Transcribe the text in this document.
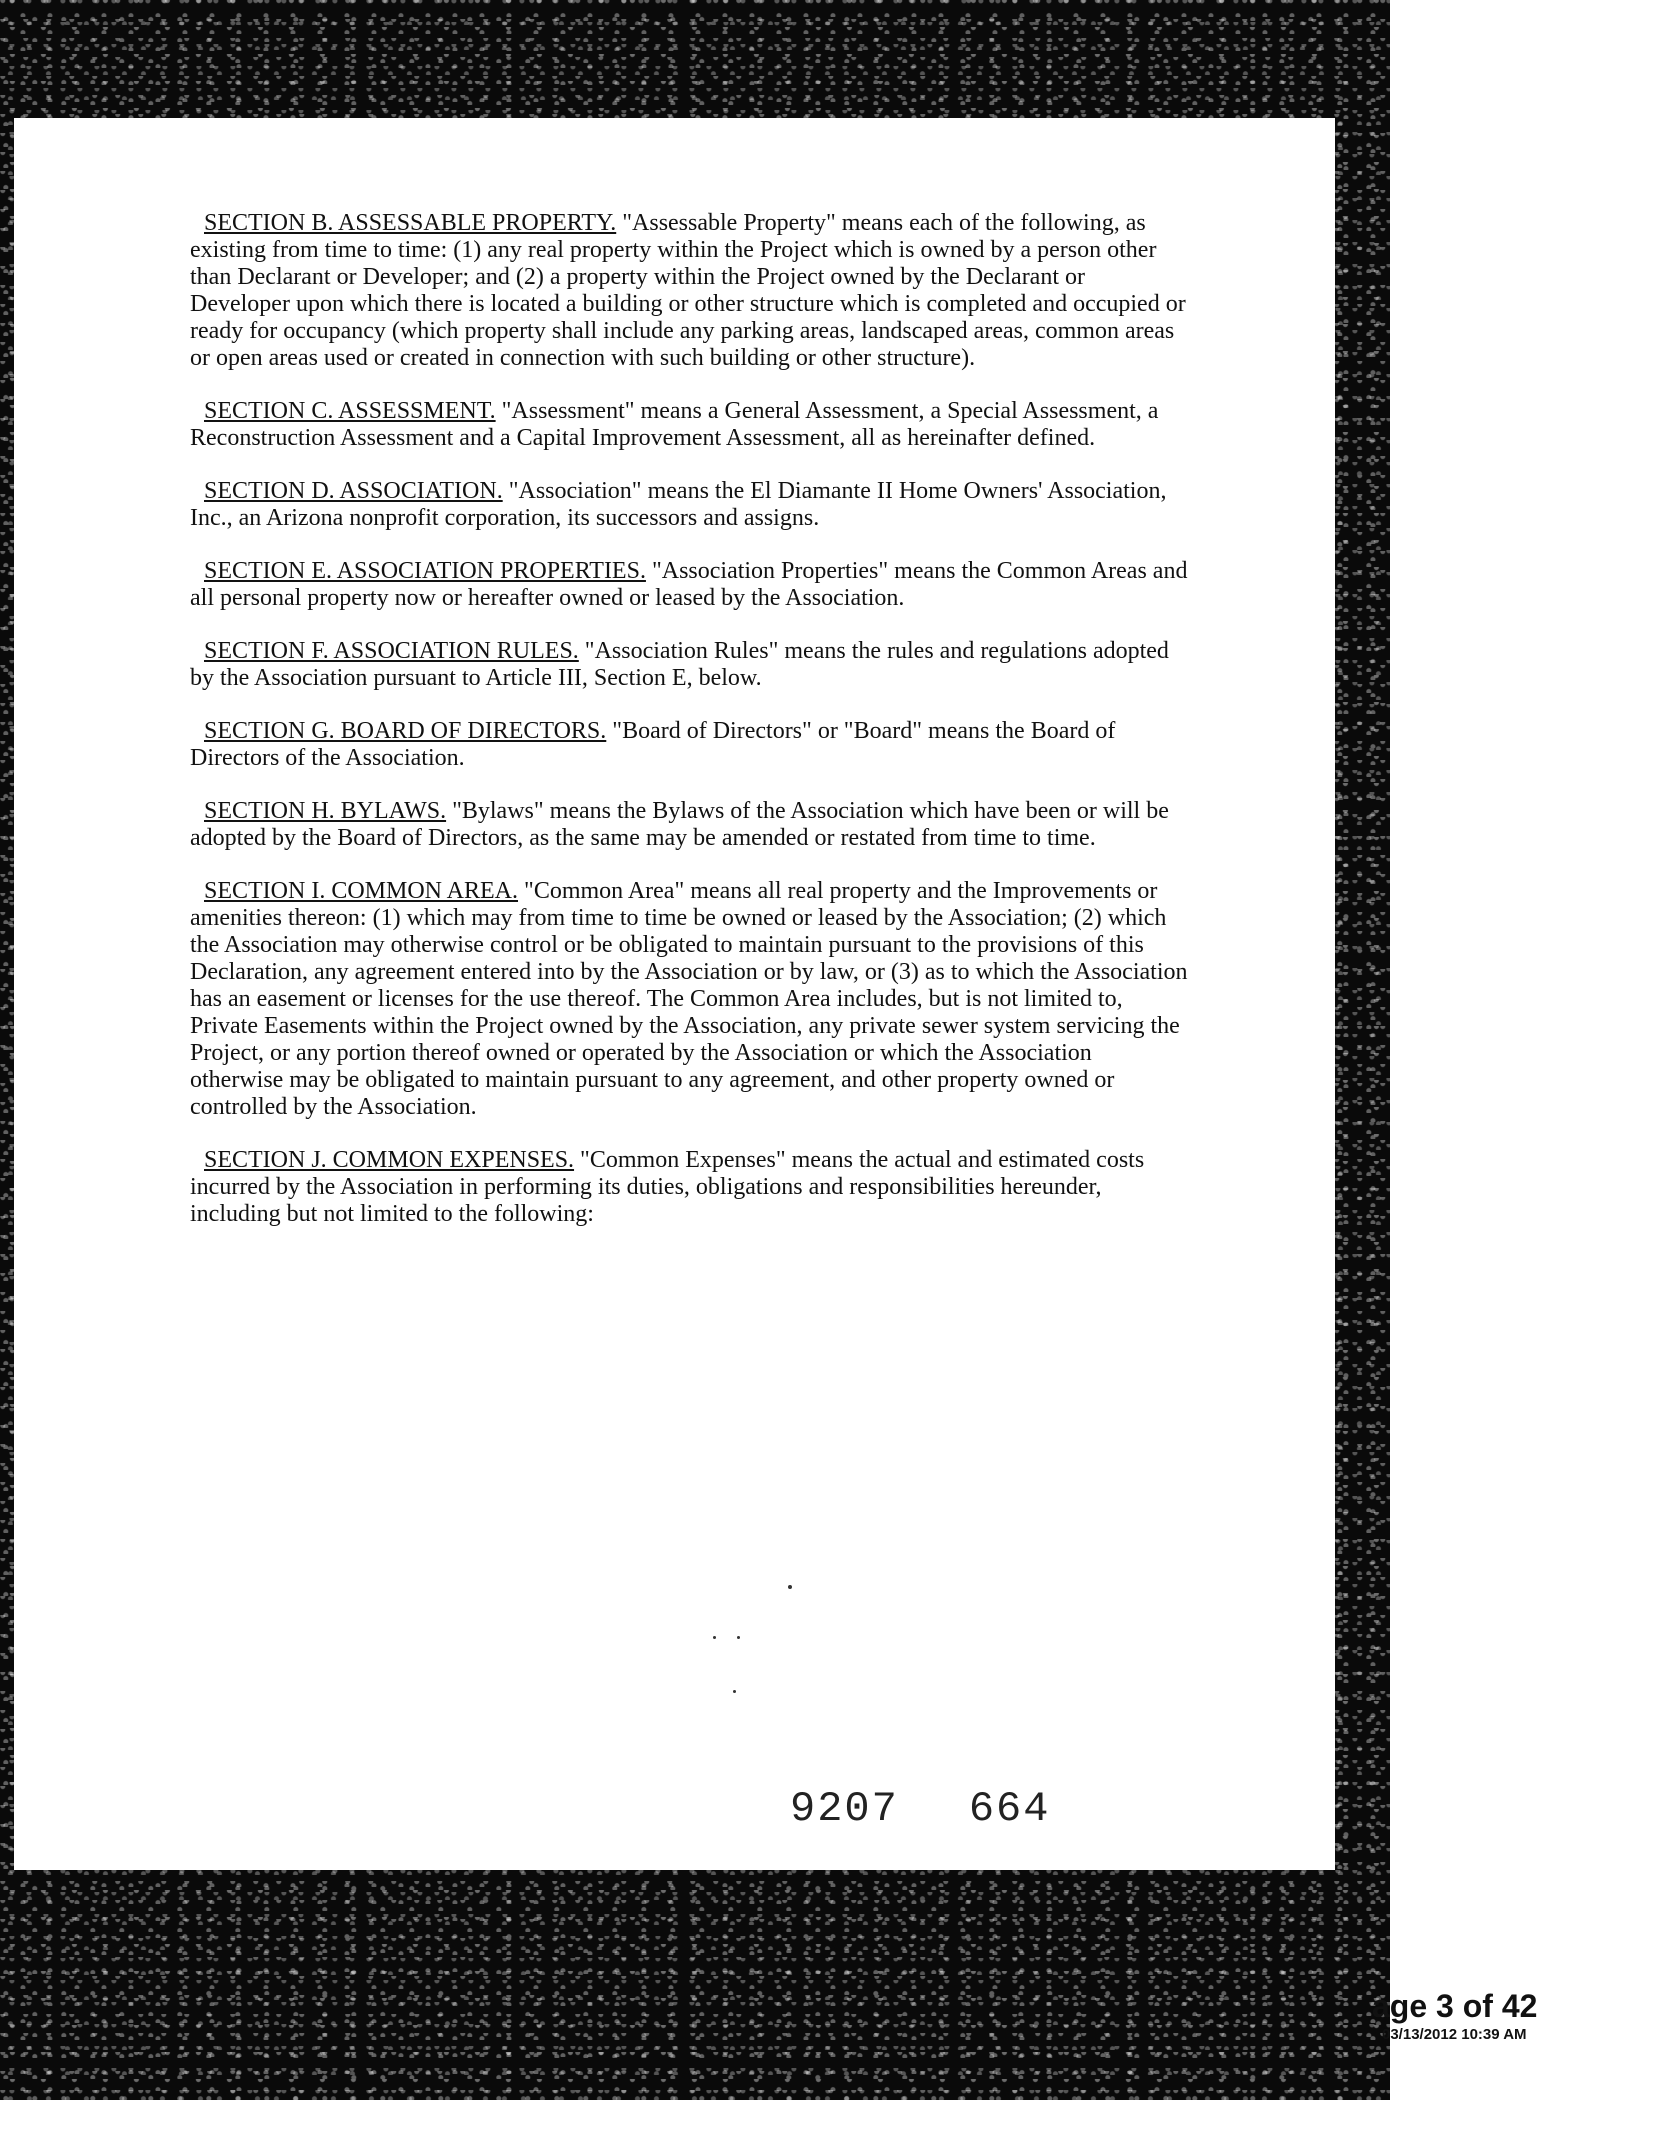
SECTION B. ASSESSABLE PROPERTY. "Assessable Property" means each of the following, as existing from time to time: (1) any real property within the Project which is owned by a person other than Declarant or Developer; and (2) a property within the Project owned by the Declarant or Developer upon which there is located a building or other structure which is completed and occupied or ready for occupancy (which property shall include any parking areas, landscaped areas, common areas or open areas used or created in connection with such building or other structure).

SECTION C. ASSESSMENT. "Assessment" means a General Assessment, a Special Assessment, a Reconstruction Assessment and a Capital Improvement Assessment, all as hereinafter defined.

SECTION D. ASSOCIATION. "Association" means the El Diamante II Home Owners' Association, Inc., an Arizona nonprofit corporation, its successors and assigns.

SECTION E. ASSOCIATION PROPERTIES. "Association Properties" means the Common Areas and all personal property now or hereafter owned or leased by the Association.

SECTION F. ASSOCIATION RULES. "Association Rules" means the rules and regulations adopted by the Association pursuant to Article III, Section E, below.

SECTION G. BOARD OF DIRECTORS. "Board of Directors" or "Board" means the Board of Directors of the Association.

SECTION H. BYLAWS. "Bylaws" means the Bylaws of the Association which have been or will be adopted by the Board of Directors, as the same may be amended or restated from time to time.

SECTION I. COMMON AREA. "Common Area" means all real property and the Improvements or amenities thereon: (1) which may from time to time be owned or leased by the Association; (2) which the Association may otherwise control or be obligated to maintain pursuant to the provisions of this Declaration, any agreement entered into by the Association or by law, or (3) as to which the Association has an easement or licenses for the use thereof. The Common Area includes, but is not limited to, Private Easements within the Project owned by the Association, any private sewer system servicing the Project, or any portion thereof owned or operated by the Association or which the Association otherwise may be obligated to maintain pursuant to any agreement, and other property owned or controlled by the Association.

SECTION J. COMMON EXPENSES. "Common Expenses" means the actual and estimated costs incurred by the Association in performing its duties, obligations and responsibilities hereunder, including but not limited to the following:

9207 664
age 3 of 42
03/13/2012 10:39 AM
